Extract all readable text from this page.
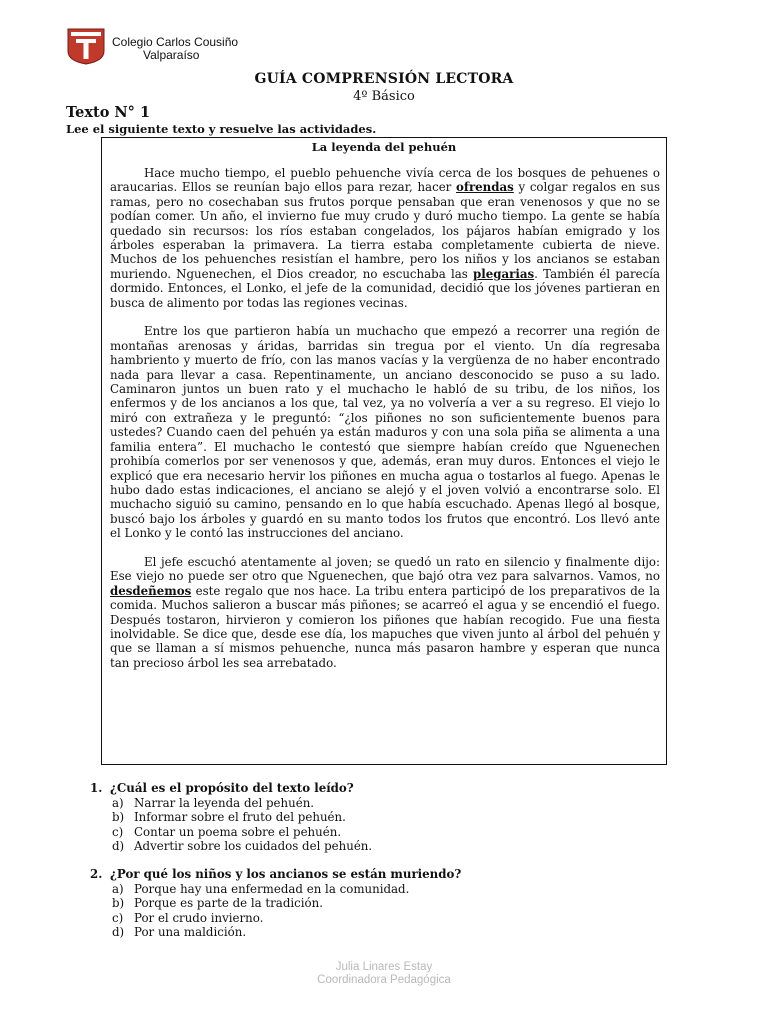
Colegio Carlos Cousiño
Valparaíso
GUÍA COMPRENSIÓN LECTORA
4º Básico
Texto N° 1
Lee el siguiente texto y resuelve las actividades.
La leyenda del pehuén

Hace mucho tiempo, el pueblo pehuenche vivía cerca de los bosques de pehuenes o araucarias. Ellos se reunían bajo ellos para rezar, hacer ofrendas y colgar regalos en sus ramas, pero no cosechaban sus frutos porque pensaban que eran venenosos y que no se podían comer. Un año, el invierno fue muy crudo y duró mucho tiempo. La gente se había quedado sin recursos: los ríos estaban congelados, los pájaros habían emigrado y los árboles esperaban la primavera. La tierra estaba completamente cubierta de nieve. Muchos de los pehuenches resistían el hambre, pero los niños y los ancianos se estaban muriendo. Nguenechen, el Dios creador, no escuchaba las plegarias. También él parecía dormido. Entonces, el Lonko, el jefe de la comunidad, decidió que los jóvenes partieran en busca de alimento por todas las regiones vecinas.

Entre los que partieron había un muchacho que empezó a recorrer una región de montañas arenosas y áridas, barridas sin tregua por el viento. Un día regresaba hambriento y muerto de frío, con las manos vacías y la vergüenza de no haber encontrado nada para llevar a casa. Repentinamente, un anciano desconocido se puso a su lado. Caminaron juntos un buen rato y el muchacho le habló de su tribu, de los niños, los enfermos y de los ancianos a los que, tal vez, ya no volvería a ver a su regreso. El viejo lo miró con extrañeza y le preguntó: “¿los piñones no son suficientemente buenos para ustedes? Cuando caen del pehuén ya están maduros y con una sola piña se alimenta a una familia entera”. El muchacho le contestó que siempre habían creído que Nguenechen prohibía comerlos por ser venenosos y que, además, eran muy duros. Entonces el viejo le explicó que era necesario hervir los piñones en mucha agua o tostarlos al fuego. Apenas le hubo dado estas indicaciones, el anciano se alejó y el joven volvió a encontrarse solo. El muchacho siguió su camino, pensando en lo que había escuchado. Apenas llegó al bosque, buscó bajo los árboles y guardó en su manto todos los frutos que encontró. Los llevó ante el Lonko y le contó las instrucciones del anciano.

El jefe escuchó atentamente al joven; se quedó un rato en silencio y finalmente dijo: Ese viejo no puede ser otro que Nguenechen, que bajó otra vez para salvarnos. Vamos, no desdeñemos este regalo que nos hace. La tribu entera participó de los preparativos de la comida. Muchos salieron a buscar más piñones; se acarreó el agua y se encendió el fuego. Después tostaron, hirvieron y comieron los piñones que habían recogido. Fue una fiesta inolvidable. Se dice que, desde ese día, los mapuches que viven junto al árbol del pehuén y que se llaman a sí mismos pehuenche, nunca más pasaron hambre y esperan que nunca tan precioso árbol les sea arrebatado.

1. ¿Cuál es el propósito del texto leído?
a) Narrar la leyenda del pehuén.
b) Informar sobre el fruto del pehuén.
c) Contar un poema sobre el pehuén.
d) Advertir sobre los cuidados del pehuén.
2. ¿Por qué los niños y los ancianos se están muriendo?
a) Porque hay una enfermedad en la comunidad.
b) Porque es parte de la tradición.
c) Por el crudo invierno.
d) Por una maldición.
Julia Linares Estay
Coordinadora Pedagógica
